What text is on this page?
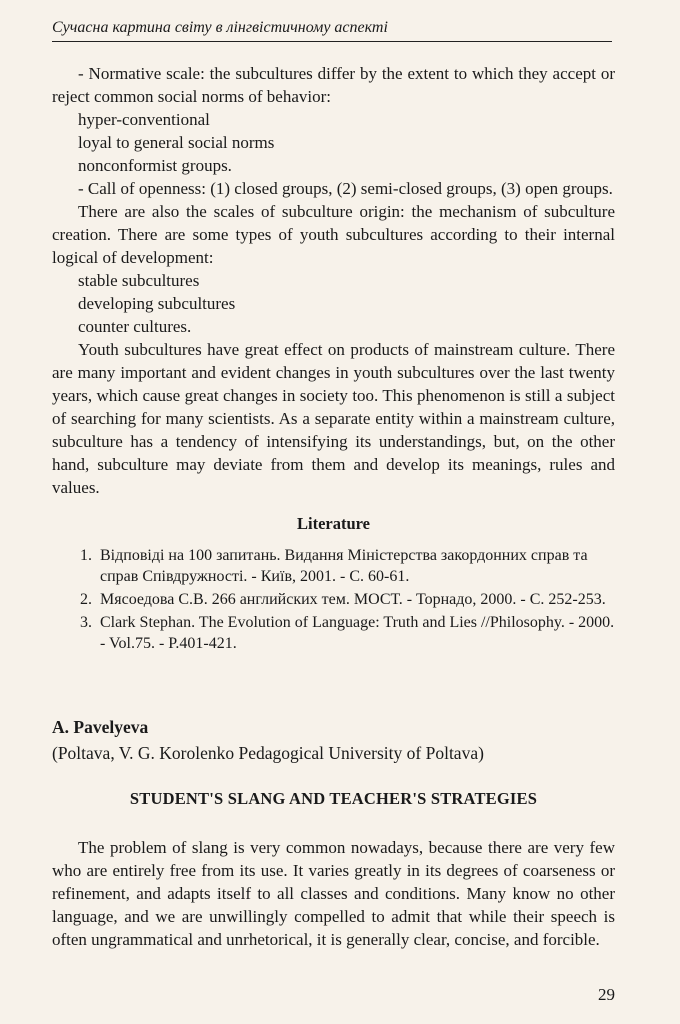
Сучасна картина світу в лінгвістичному аспекті

- Normative scale: the subcultures differ by the extent to which they accept or reject common social norms of behavior:

hyper-conventional

loyal to general social norms

nonconformist groups.

- Call of openness: (1) closed groups, (2) semi-closed groups, (3) open groups.

There are also the scales of subculture origin: the mechanism of subculture creation. There are some types of youth subcultures according to their internal logical of development:

stable subcultures

developing subcultures

counter cultures.

Youth subcultures have great effect on products of mainstream culture. There are many important and evident changes in youth subcultures over the last twenty years, which cause great changes in society too. This phenomenon is still a subject of searching for many scientists. As a separate entity within a mainstream culture, subculture has a tendency of intensifying its understandings, but, on the other hand, subculture may deviate from them and develop its meanings, rules and values.

Literature
1. Відповіді на 100 запитань. Видання Міністерства закордонних справ та справ Співдружності. - Київ, 2001. - С. 60-61.
2. Мясоедова С.В. 266 английских тем. МОСТ. - Торнадо, 2000. - С. 252-253.
3. Clark Stephan. The Evolution of Language: Truth and Lies //Philosophy. - 2000. - Vol.75. - P.401-421.

A. Pavelyeva

(Poltava, V. G. Korolenko Pedagogical University of Poltava)

STUDENT'S SLANG AND TEACHER'S STRATEGIES

The problem of slang is very common nowadays, because there are very few who are entirely free from its use. It varies greatly in its degrees of coarseness or refinement, and adapts itself to all classes and conditions. Many know no other language, and we are unwillingly compelled to admit that while their speech is often ungrammatical and unrhetorical, it is generally clear, concise, and forcible.

29
